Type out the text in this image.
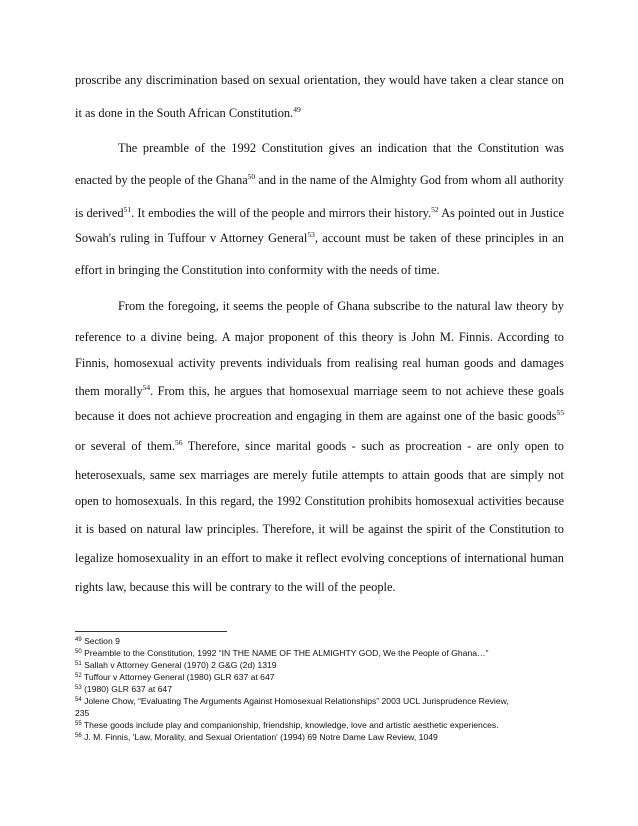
proscribe any discrimination based on sexual orientation, they would have taken a clear stance on
it as done in the South African Constitution.$^{49}$
The preamble of the 1992 Constitution gives an indication that the Constitution was
enacted by the people of the Ghana$^{50}$ and in the name of the Almighty God from whom all authority
is derived$^{51}$. It embodies the will of the people and mirrors their history.$^{52}$ As pointed out in Justice
Sowah's ruling in Tuffour v Attorney General$^{53}$, account must be taken of these principles in an
effort in bringing the Constitution into conformity with the needs of time.
From the foregoing, it seems the people of Ghana subscribe to the natural law theory by
reference to a divine being. A major proponent of this theory is John M. Finnis. According to
Finnis, homosexual activity prevents individuals from realising real human goods and damages
them morally$^{54}$. From this, he argues that homosexual marriage seem to not achieve these goals
because it does not achieve procreation and engaging in them are against one of the basic goods$^{55}$
or several of them.$^{56}$ Therefore, since marital goods - such as procreation - are only open to
heterosexuals, same sex marriages are merely futile attempts to attain goods that are simply not
open to homosexuals. In this regard, the 1992 Constitution prohibits homosexual activities because
it is based on natural law principles. Therefore, it will be against the spirit of the Constitution to
legalize homosexuality in an effort to make it reflect evolving conceptions of international human
rights law, because this will be contrary to the will of the people.
$^{49}$ Section 9
$^{50}$ Preamble to the Constitution, 1992 “IN THE NAME OF THE ALMIGHTY GOD, We the People of Ghana…”
$^{51}$ Sallah v Attorney General (1970) 2 G&G (2d) 1319
$^{52}$ Tuffour v Attorney General (1980) GLR 637 at 647
$^{53}$ (1980) GLR 637 at 647
$^{54}$ Jolene Chow, “Evaluating The Arguments Against Homosexual Relationships” 2003 UCL Jurisprudence Review,
235
$^{55}$ These goods include play and companionship, friendship, knowledge, love and artistic aesthetic experiences.
$^{56}$ J. M. Finnis, 'Law, Morality, and Sexual Orientation' (1994) 69 Notre Dame Law Review, 1049
